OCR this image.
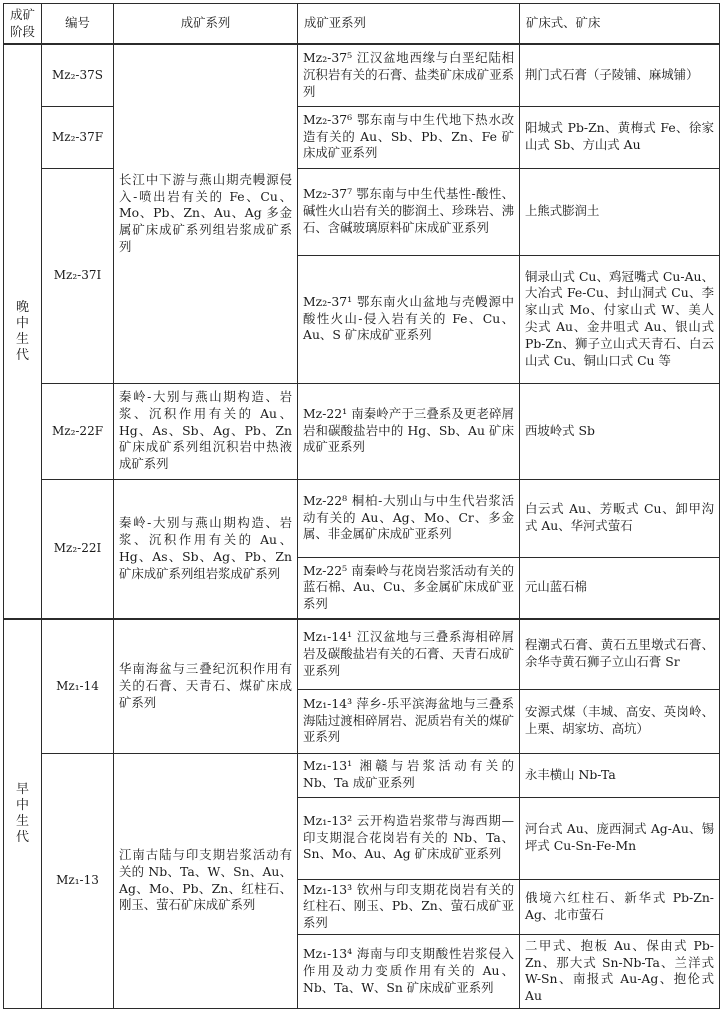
成矿阶段	编号	成矿系列	成矿亚系列	矿床式、矿床
晚中生代	Mz₂-37S	长江中下游与燕山期壳幔源侵入-喷出岩有关的 Fe、Cu、Mo、Pb、Zn、Au、Ag 多金属矿床成矿系列组岩浆成矿系列	Mz₂-37⁵ 江汉盆地西缘与白垩纪陆相沉积岩有关的石膏、盐类矿床成矿亚系列	荆门式石膏（子陵铺、麻城铺）
	Mz₂-37F		Mz₂-37⁶ 鄂东南与中生代地下热水改造有关的 Au、Sb、Pb、Zn、Fe 矿床成矿亚系列	阳城式 Pb-Zn、黄梅式 Fe、徐家山式 Sb、方山式 Au
	Mz₂-37I		Mz₂-37⁷ 鄂东南与中生代基性-酸性、碱性火山岩有关的膨润土、珍珠岩、沸石、含碱玻璃原料矿床成矿亚系列	上熊式膨润土
			Mz₂-37¹ 鄂东南火山盆地与壳幔源中酸性火山-侵入岩有关的 Fe、Cu、Au、S 矿床成矿亚系列	铜录山式 Cu、鸡冠嘴式 Cu-Au、大冶式 Fe-Cu、封山洞式 Cu、李家山式 Mo、付家山式 W、美人尖式 Au、金井咀式 Au、银山式 Pb-Zn、狮子立山式天青石、白云山式 Cu、铜山口式 Cu 等
	Mz₂-22F	秦岭-大别与燕山期构造、岩浆、沉积作用有关的 Au、Hg、As、Sb、Ag、Pb、Zn 矿床成矿系列组沉积岩中热液成矿系列	Mz-22¹ 南秦岭产于三叠系及更老碎屑岩和碳酸盐岩中的 Hg、Sb、Au 矿床成矿亚系列	西坡岭式 Sb
	Mz₂-22I	秦岭-大别与燕山期构造、岩浆、沉积作用有关的 Au、Hg、As、Sb、Ag、Pb、Zn 矿床成矿系列组岩浆成矿系列	Mz-22⁸ 桐柏-大别山与中生代岩浆活动有关的 Au、Ag、Mo、Cr、多金属、非金属矿床成矿亚系列	白云式 Au、芳畈式 Cu、卸甲沟式 Au、华河式萤石
			Mz-22⁵ 南秦岭与花岗岩浆活动有关的蓝石棉、Au、Cu、多金属矿床成矿亚系列	元山蓝石棉
早中生代	Mz₁-14	华南海盆与三叠纪沉积作用有关的石膏、天青石、煤矿床成矿系列	Mz₁-14¹ 江汉盆地与三叠系海相碎屑岩及碳酸盐岩有关的石膏、天青石成矿亚系列	程潮式石膏、黄石五里墩式石膏、余华寺黄石狮子立山石膏 Sr
			Mz₁-14³ 萍乡-乐平滨海盆地与三叠系海陆过渡相碎屑岩、泥质岩有关的煤矿亚系列	安源式煤（丰城、高安、英岗岭、上栗、胡家坊、高坑）
	Mz₁-13	江南古陆与印支期岩浆活动有关的 Nb、Ta、W、Sn、Au、Ag、Mo、Pb、Zn、红柱石、刚玉、萤石矿床成矿系列	Mz₁-13¹ 湘赣与岩浆活动有关的 Nb、Ta 成矿亚系列	永丰横山 Nb-Ta
			Mz₁-13² 云开构造岩浆带与海西期—印支期混合花岗岩有关的 Nb、Ta、Sn、Mo、Au、Ag 矿床成矿亚系列	河台式 Au、庞西洞式 Ag-Au、锡坪式 Cu-Sn-Fe-Mn
			Mz₁-13³ 钦州与印支期花岗岩有关的红柱石、刚玉、Pb、Zn、萤石成矿亚系列	俄境六红柱石、新华式 Pb-Zn-Ag、北市萤石
			Mz₁-13⁴ 海南与印支期酸性岩浆侵入作用及动力变质作用有关的 Au、Nb、Ta、W、Sn 矿床成矿亚系列	二甲式、抱板 Au、保由式 Pb-Zn、那大式 Sn-Nb-Ta、兰洋式 W-Sn、南报式 Au-Ag、抱伦式 Au
